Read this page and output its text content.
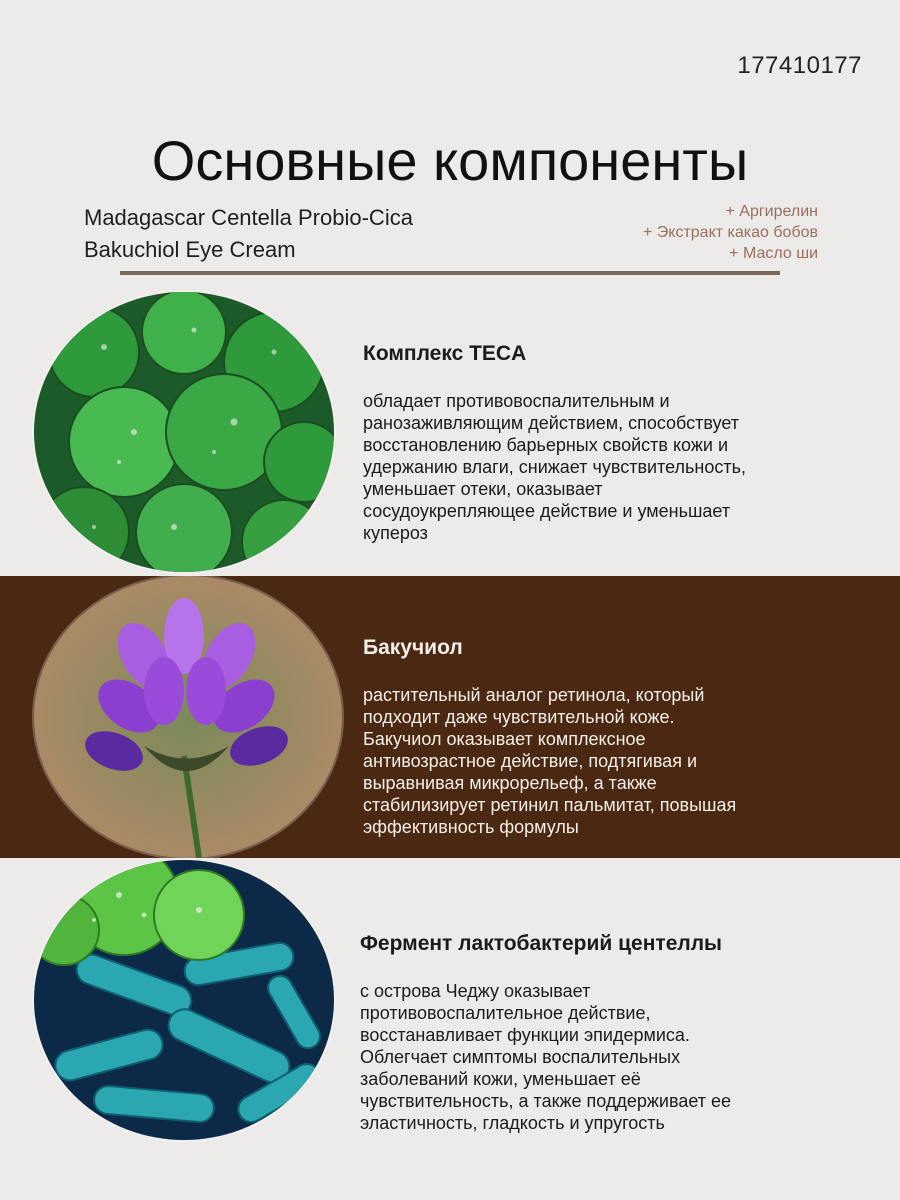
177410177
Основные компоненты
Madagascar Centella Probio-Cica
Bakuchiol Eye Cream
+ Аргирелин
+ Экстракт какао бобов
+ Масло ши
Комплекс TECA
обладает противовоспалительным и
ранозаживляющим действием, способствует
восстановлению барьерных свойств кожи и
удержанию влаги, снижает чувствительность,
уменьшает отеки, оказывает
сосудоукрепляющее действие и уменьшает
купероз
Бакучиол
растительный аналог ретинола, который
подходит даже чувствительной коже.
Бакучиол оказывает комплексное
антивозрастное действие, подтягивая и
выравнивая микрорельеф, а также
стабилизирует ретинил пальмитат, повышая
эффективность формулы
Фермент лактобактерий центеллы
с острова Чеджу оказывает
противовоспалительное действие,
восстанавливает функции эпидермиса.
Облегчает симптомы воспалительных
заболеваний кожи, уменьшает её
чувствительность, а также поддерживает ее
эластичность, гладкость и упругость
